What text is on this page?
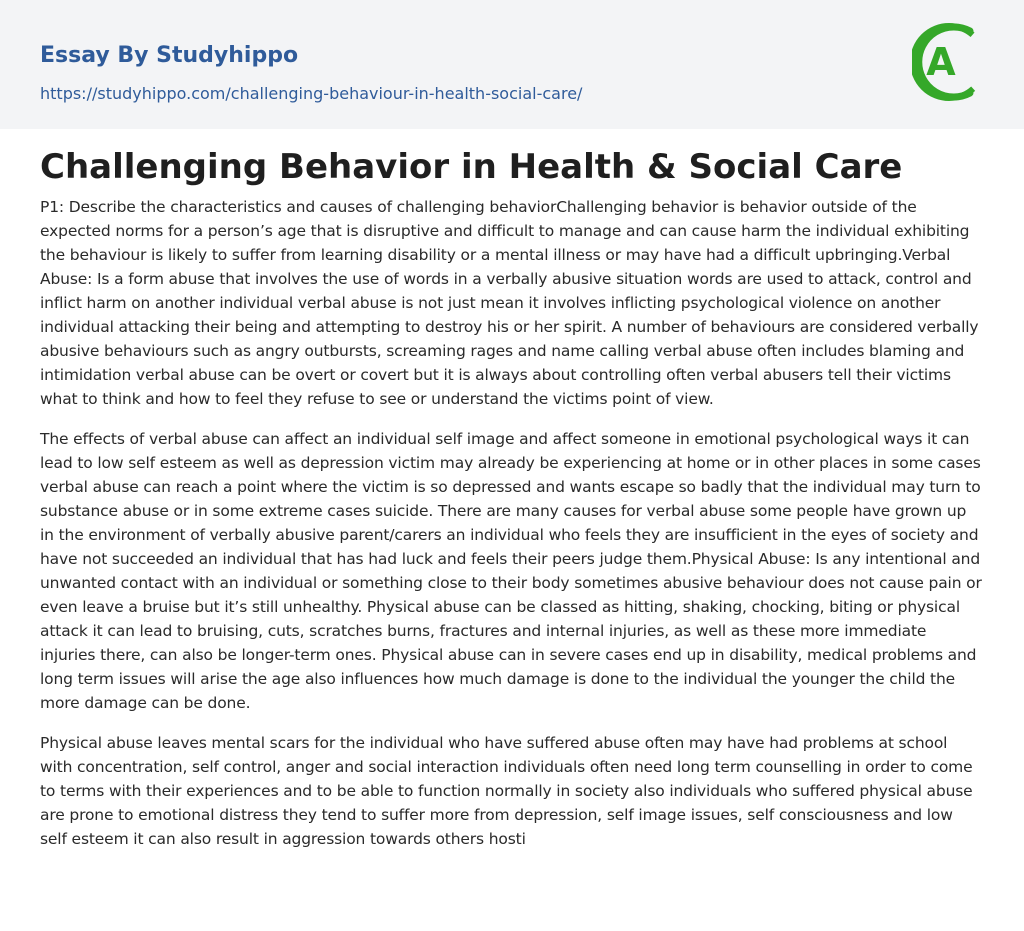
Essay By Studyhippo
https://studyhippo.com/challenging-behaviour-in-health-social-care/
A
Challenging Behavior in Health & Social Care

P1: Describe the characteristics and causes of challenging behaviorChallenging behavior is behavior outside of the expected norms for a person’s age that is disruptive and difficult to manage and can cause harm the individual exhibiting the behaviour is likely to suffer from learning disability or a mental illness or may have had a difficult upbringing.Verbal Abuse: Is a form abuse that involves the use of words in a verbally abusive situation words are used to attack, control and inflict harm on another individual verbal abuse is not just mean it involves inflicting psychological violence on another individual attacking their being and attempting to destroy his or her spirit. A number of behaviours are considered verbally abusive behaviours such as angry outbursts, screaming rages and name calling verbal abuse often includes blaming and intimidation verbal abuse can be overt or covert but it is always about controlling often verbal abusers tell their victims what to think and how to feel they refuse to see or understand the victims point of view.

The effects of verbal abuse can affect an individual self image and affect someone in emotional psychological ways it can lead to low self esteem as well as depression victim may already be experiencing at home or in other places in some cases verbal abuse can reach a point where the victim is so depressed and wants escape so badly that the individual may turn to substance abuse or in some extreme cases suicide. There are many causes for verbal abuse some people have grown up in the environment of verbally abusive parent/carers an individual who feels they are insufficient in the eyes of society and have not succeeded an individual that has had luck and feels their peers judge them.Physical Abuse: Is any intentional and unwanted contact with an individual or something close to their body sometimes abusive behaviour does not cause pain or even leave a bruise but it’s still unhealthy. Physical abuse can be classed as hitting, shaking, chocking, biting or physical attack it can lead to bruising, cuts, scratches burns, fractures and internal injuries, as well as these more immediate injuries there, can also be longer-term ones. Physical abuse can in severe cases end up in disability, medical problems and long term issues will arise the age also influences how much damage is done to the individual the younger the child the more damage can be done.

Physical abuse leaves mental scars for the individual who have suffered abuse often may have had problems at school with concentration, self control, anger and social interaction individuals often need long term counselling in order to come to terms with their experiences and to be able to function normally in society also individuals who suffered physical abuse are prone to emotional distress they tend to suffer more from depression, self image issues, self consciousness and low self esteem it can also result in aggression towards others hosti
